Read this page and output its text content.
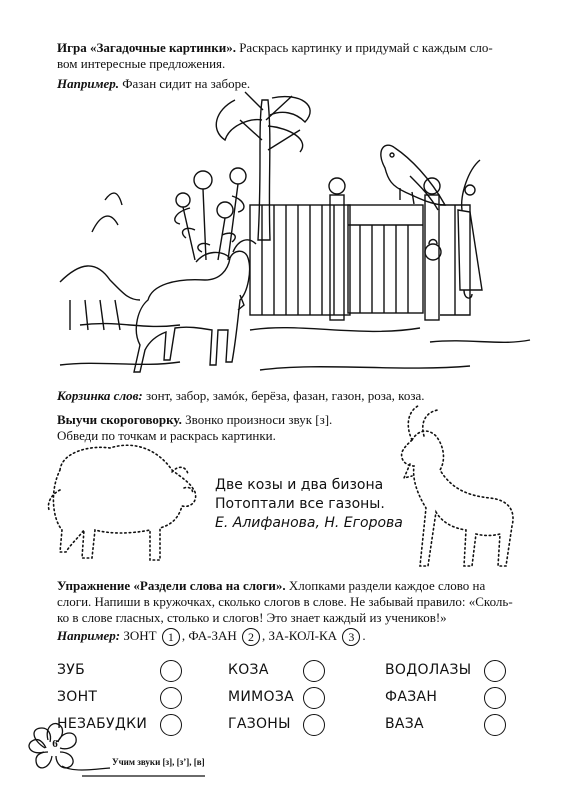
Игра «Загадочные картинки». Раскрась картинку и придумай с каждым сло-
вом интересные предложения.
Например. Фазан сидит на заборе.
Корзинка слов: зонт, забор, замóк, берёза, фазан, газон, роза, коза.
Выучи скороговорку. Звонко произноси звук [з].
Обведи по точкам и раскрась картинки.
Две козы и два бизона
Потоптали все газоны.
Е. Алифанова, Н. Егорова
Упражнение «Раздели слова на слоги». Хлопками раздели каждое слово на
слоги. Напиши в кружочках, сколько слогов в слове. Не забывай правило: «Сколь-
ко в слове гласных, столько и слогов! Это знает каждый из учеников!»
Например: ЗОНТ 1 , ФА-ЗАН 2 , ЗА-КОЛ-КА 3 .
ЗУБ
ЗОНТ
НЕЗАБУДКИ
КОЗА
МИМОЗА
ГАЗОНЫ
ВОДОЛАЗЫ
ФАЗАН
ВАЗА
6
Учим звуки [з], [з’], [в]
